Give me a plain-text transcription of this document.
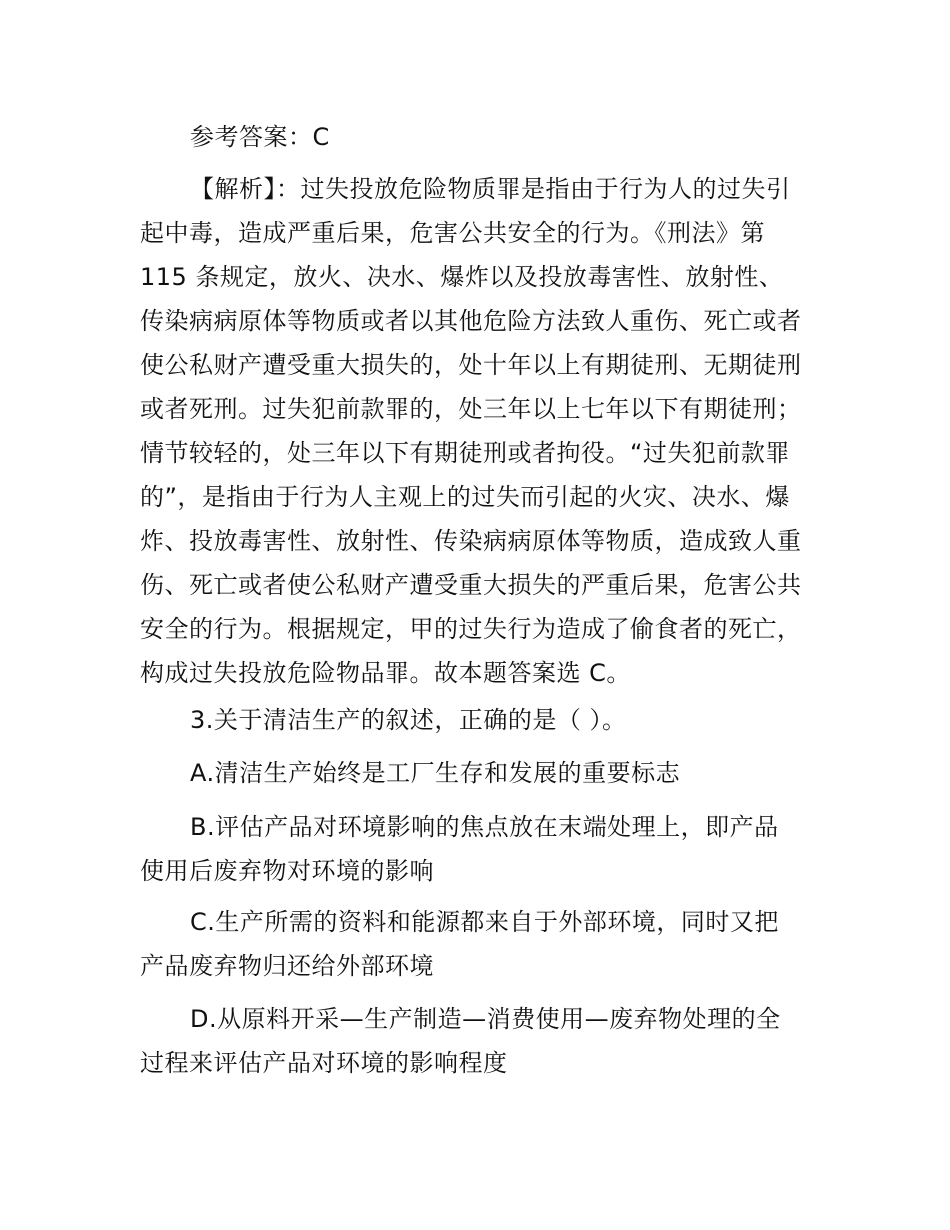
参考答案：C
【解析】：过失投放危险物质罪是指由于行为人的过失引
起中毒，造成严重后果，危害公共安全的行为。《刑法》第
115 条规定，放火、决水、爆炸以及投放毒害性、放射性、
传染病病原体等物质或者以其他危险方法致人重伤、死亡或者
使公私财产遭受重大损失的，处十年以上有期徒刑、无期徒刑
或者死刑。过失犯前款罪的，处三年以上七年以下有期徒刑；
情节较轻的，处三年以下有期徒刑或者拘役。“过失犯前款罪
的”，是指由于行为人主观上的过失而引起的火灾、决水、爆
炸、投放毒害性、放射性、传染病病原体等物质，造成致人重
伤、死亡或者使公私财产遭受重大损失的严重后果，危害公共
安全的行为。根据规定，甲的过失行为造成了偷食者的死亡，
构成过失投放危险物品罪。故本题答案选 C。
3.关于清洁生产的叙述，正确的是（ ）。
A.清洁生产始终是工厂生存和发展的重要标志
B.评估产品对环境影响的焦点放在末端处理上，即产品
使用后废弃物对环境的影响
C.生产所需的资料和能源都来自于外部环境，同时又把
产品废弃物归还给外部环境
D.从原料开采—生产制造—消费使用—废弃物处理的全
过程来评估产品对环境的影响程度
